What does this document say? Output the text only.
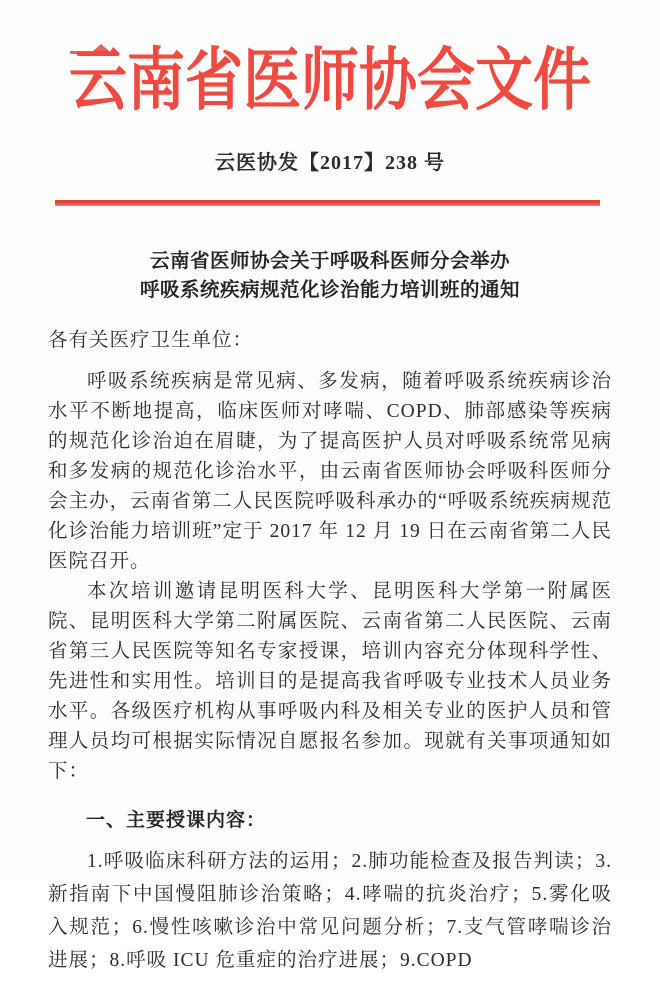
云南省医师协会文件
云医协发【2017】238 号
云南省医师协会关于呼吸科医师分会举办
呼吸系统疾病规范化诊治能力培训班的通知
各有关医疗卫生单位：

呼吸系统疾病是常见病、多发病，随着呼吸系统疾病诊治水平不断地提高，临床医师对哮喘、COPD、肺部感染等疾病的规范化诊治迫在眉睫，为了提高医护人员对呼吸系统常见病和多发病的规范化诊治水平，由云南省医师协会呼吸科医师分会主办，云南省第二人民医院呼吸科承办的“呼吸系统疾病规范化诊治能力培训班”定于 2017 年 12 月 19 日在云南省第二人民医院召开。

本次培训邀请昆明医科大学、昆明医科大学第一附属医院、昆明医科大学第二附属医院、云南省第二人民医院、云南省第三人民医院等知名专家授课，培训内容充分体现科学性、先进性和实用性。培训目的是提高我省呼吸专业技术人员业务水平。各级医疗机构从事呼吸内科及相关专业的医护人员和管理人员均可根据实际情况自愿报名参加。现就有关事项通知如下：

一、主要授课内容：

1.呼吸临床科研方法的运用；2.肺功能检查及报告判读；3.新指南下中国慢阻肺诊治策略；4.哮喘的抗炎治疗；5.雾化吸入规范；6.慢性咳嗽诊治中常见问题分析；7.支气管哮喘诊治进展；8.呼吸 ICU 危重症的治疗进展；9.COPD
